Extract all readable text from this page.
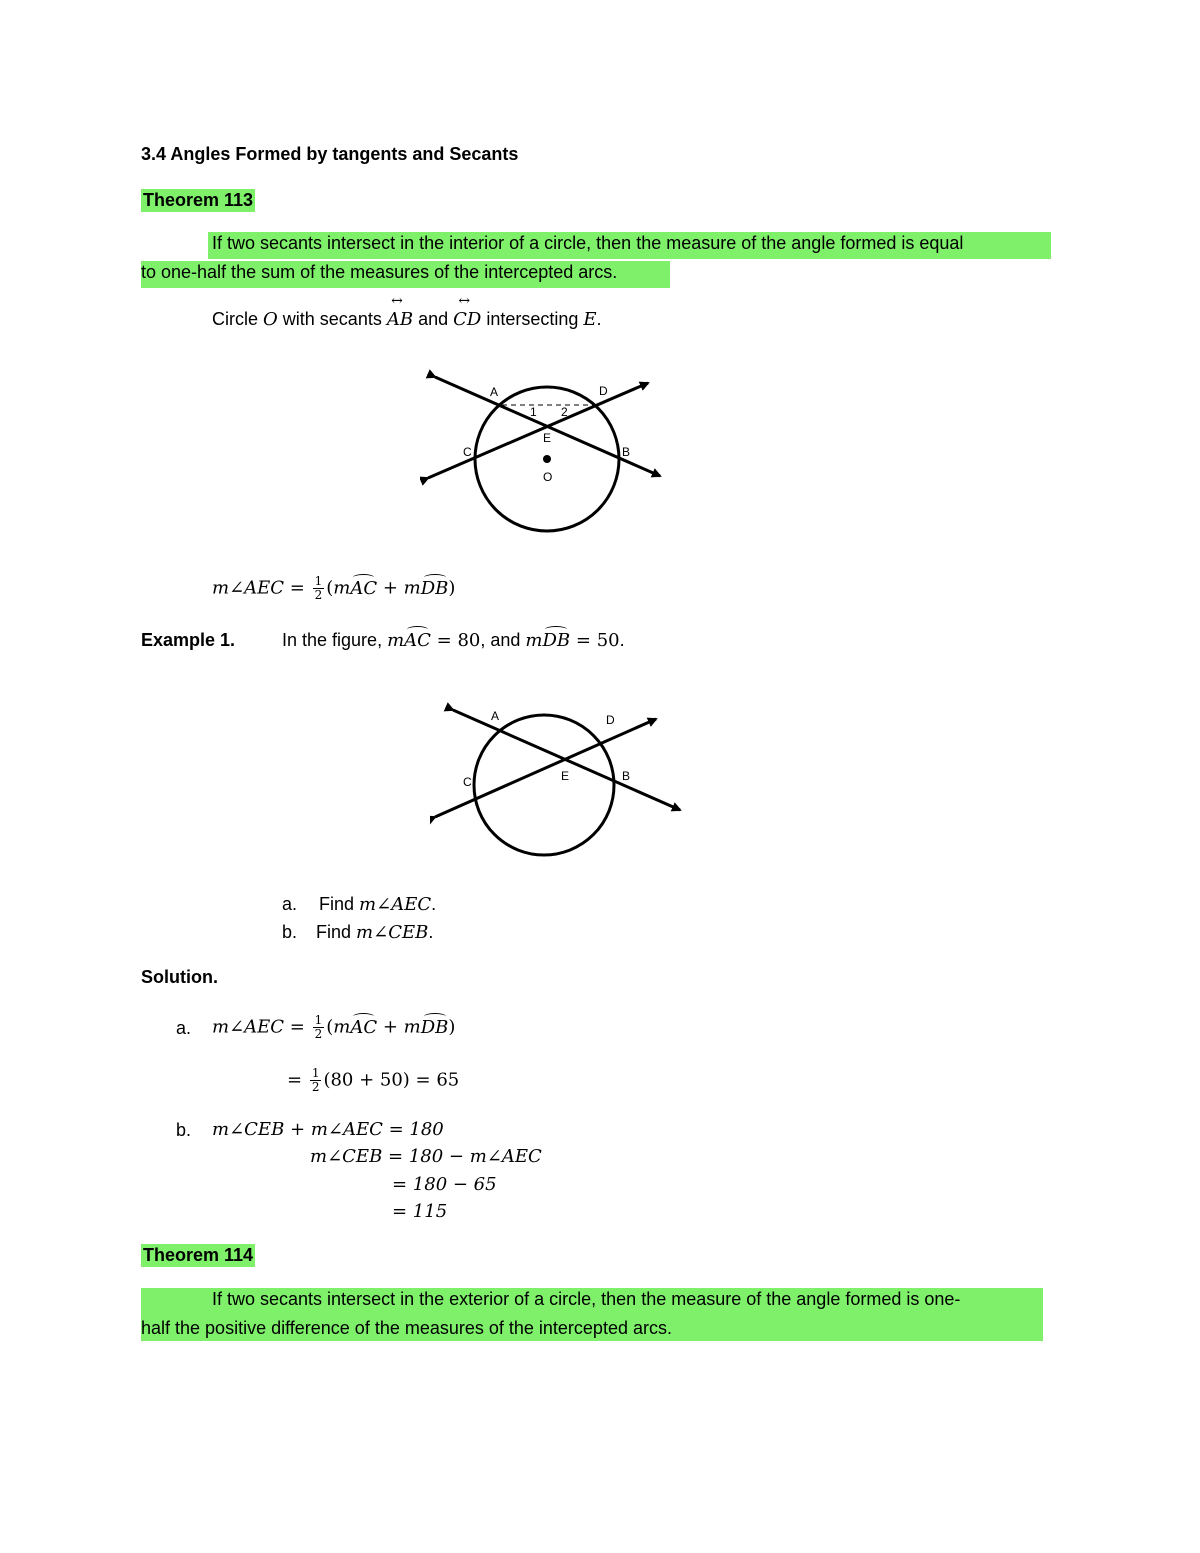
3.4 Angles Formed by tangents and Secants
Theorem 113
If two secants intersect in the interior of a circle, then the measure of the angle formed is equal
to one-half the sum of the measures of the intercepted arcs.
Circle O with secants ↔ AB and ↔ CD intersecting E.
A	D
C	B
E
O
1 2
m∠AEC = $\frac{1}{2} (mAC + mDB)$
Example 1.	In the figure, mAC = 80, and mDB = 50.
A	D
C	B
E
a. Find m∠AEC.
b. Find m∠CEB.
Solution.
a. m∠AEC = $\frac{1}{2} (mAC + mDB)$
= $\frac{1}{2} (80 + 50) = 65$
b. m∠CEB + m∠AEC = 180
m∠CEB = 180 − m∠AEC
= 180 − 65
= 115
Theorem 114
If two secants intersect in the exterior of a circle, then the measure of the angle formed is one-
half the positive difference of the measures of the intercepted arcs.
